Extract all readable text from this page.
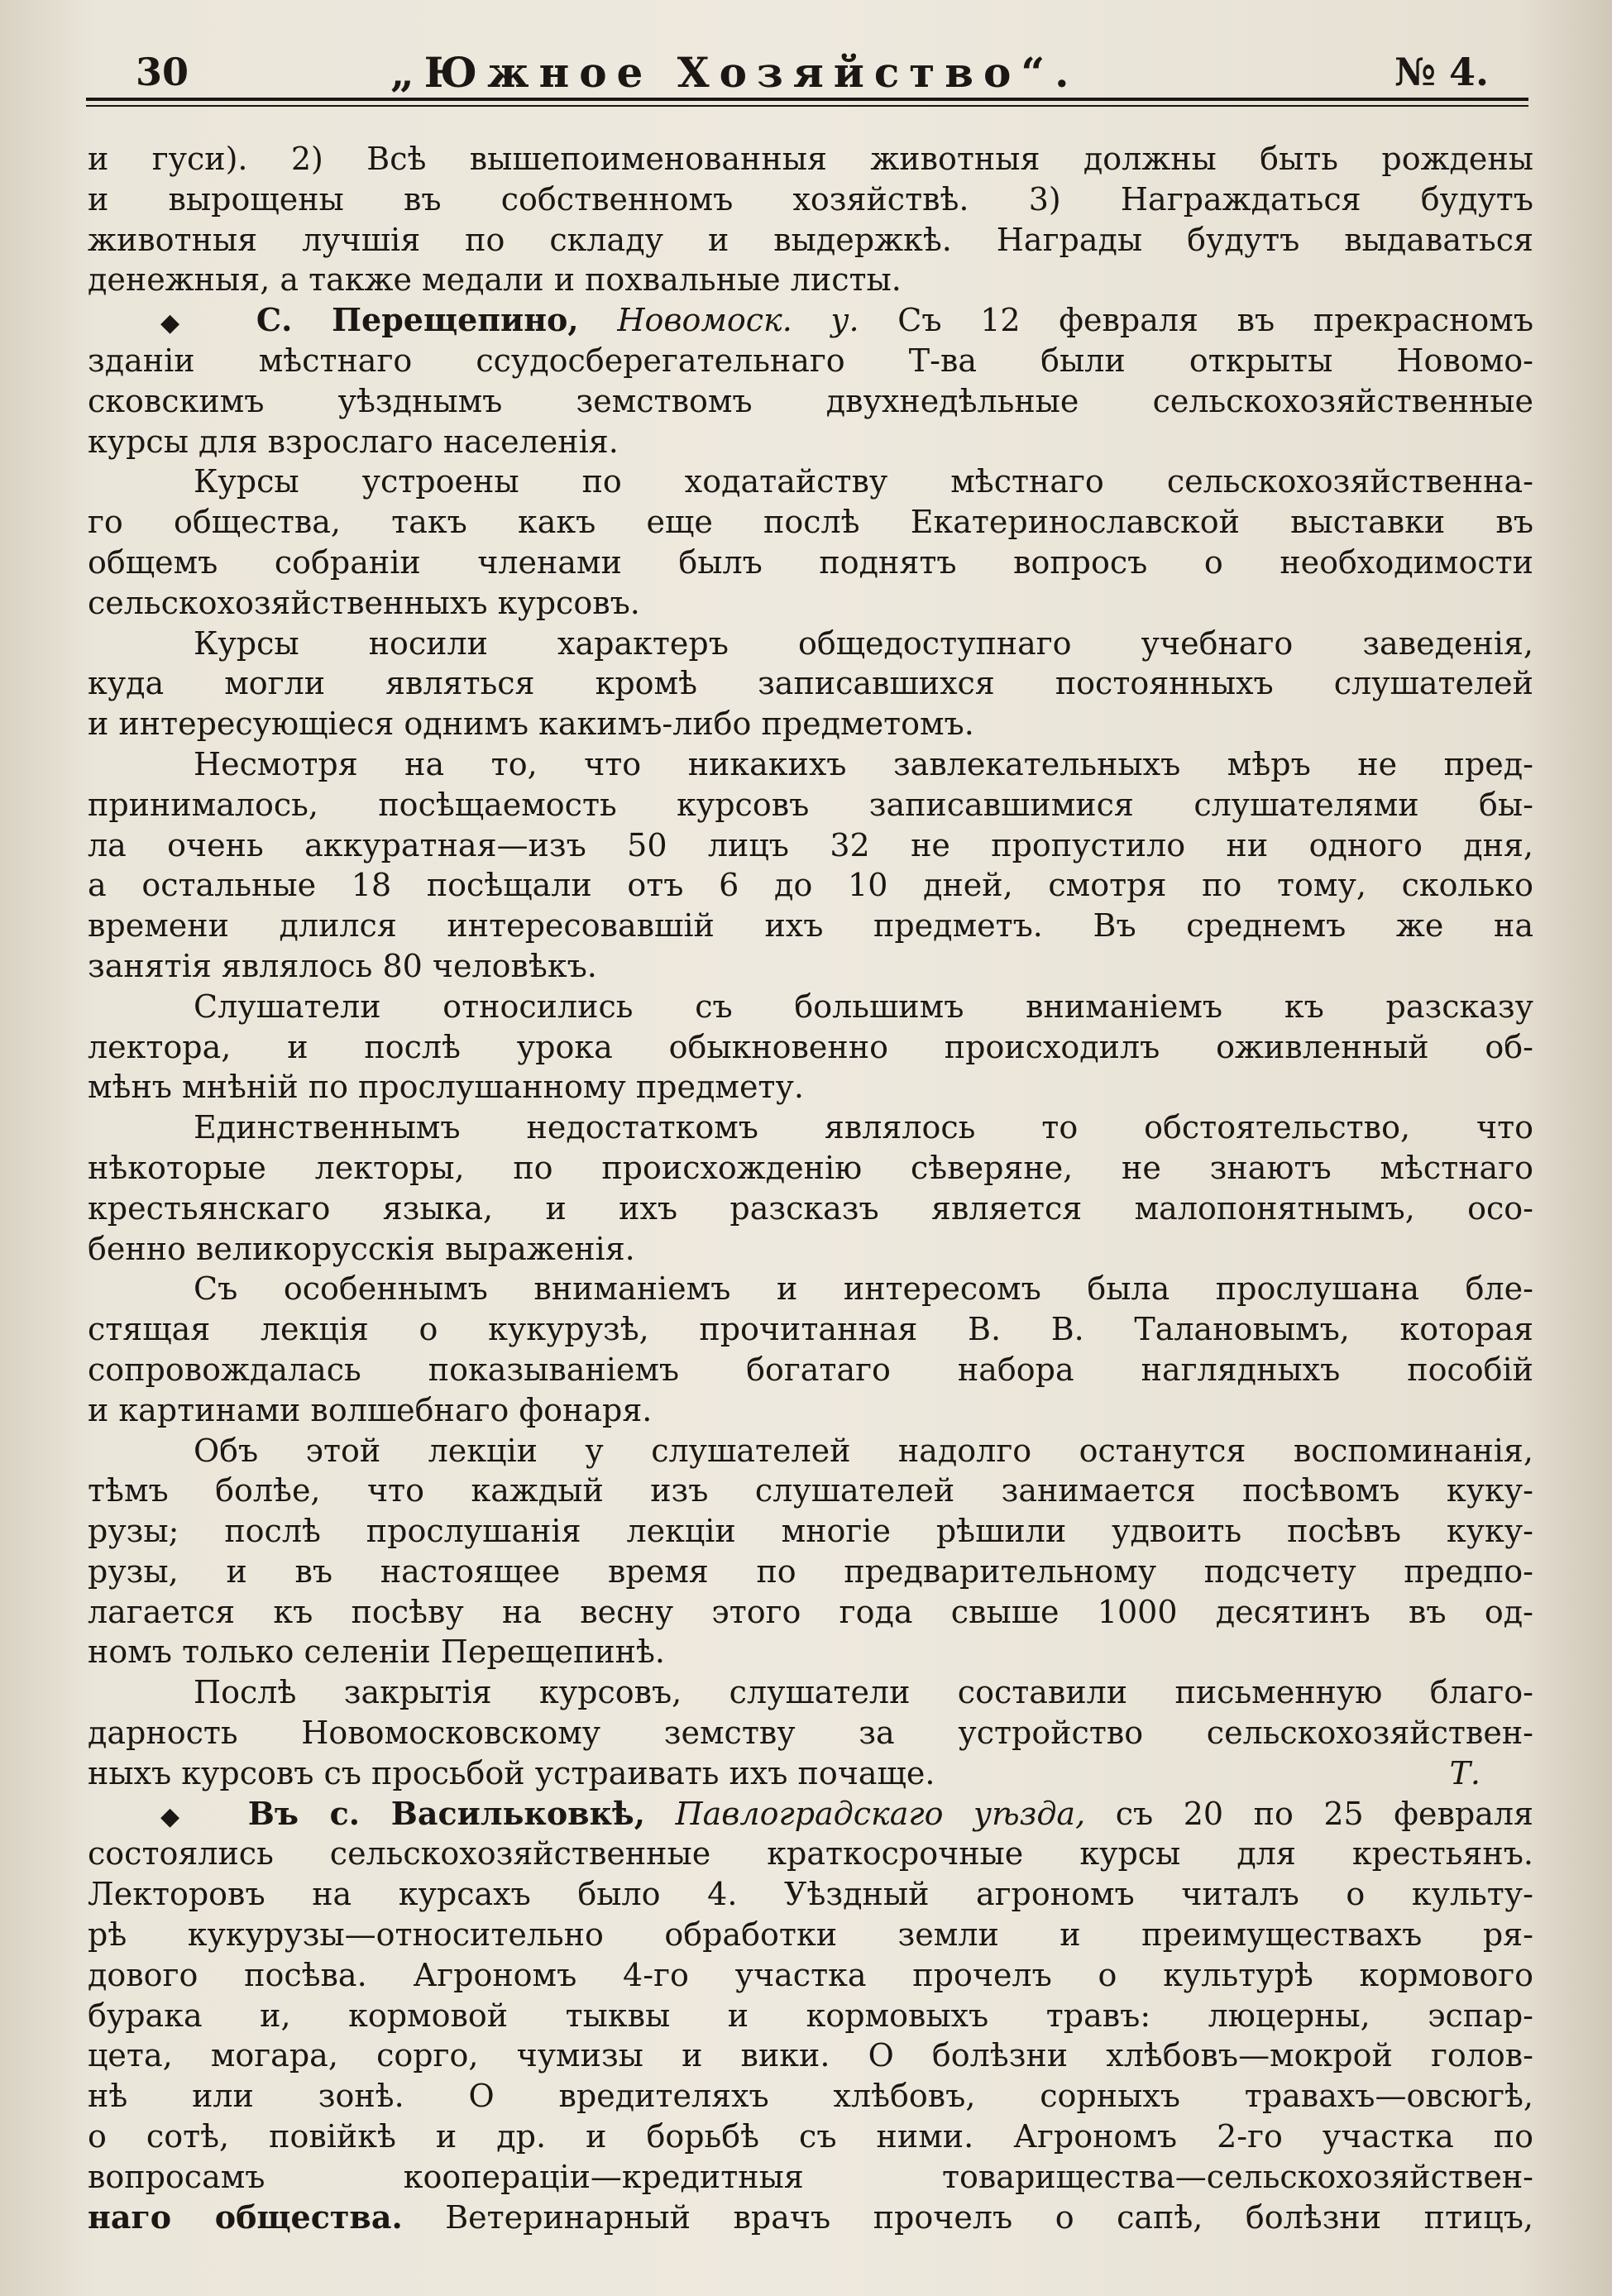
30	„Южное Хозяйство“.	№ 4.
и гуси). 2) Всѣ вышепоименованныя животныя должны быть рождены
и вырощены въ собственномъ хозяйствѣ. 3) Награждаться будутъ
животныя лучшія по складу и выдержкѣ. Награды будутъ выдаваться
денежныя, а также медали и похвальные листы.
◆ С. Перещепино, Новомоск. у. Съ 12 февраля въ прекрасномъ
зданіи мѣстнаго ссудосберегательнаго Т-ва были открыты Новомо-
сковскимъ уѣзднымъ земствомъ двухнедѣльные сельскохозяйственные
курсы для взрослаго населенія.
Курсы устроены по ходатайству мѣстнаго сельскохозяйственна-
го общества, такъ какъ еще послѣ Екатеринославской выставки въ
общемъ собраніи членами былъ поднятъ вопросъ о необходимости
сельскохозяйственныхъ курсовъ.
Курсы носили характеръ общедоступнаго учебнаго заведенія,
куда могли являться кромѣ записавшихся постоянныхъ слушателей
и интересующіеся однимъ какимъ-либо предметомъ.
Несмотря на то, что никакихъ завлекательныхъ мѣръ не пред-
принималось, посѣщаемость курсовъ записавшимися слушателями бы-
ла очень аккуратная—изъ 50 лицъ 32 не пропустило ни одного дня,
а остальные 18 посѣщали отъ 6 до 10 дней, смотря по тому, сколько
времени длился интересовавшій ихъ предметъ. Въ среднемъ же на
занятія являлось 80 человѣкъ.
Слушатели относились съ большимъ вниманіемъ къ разсказу
лектора, и послѣ урока обыкновенно происходилъ оживленный об-
мѣнъ мнѣній по прослушанному предмету.
Единственнымъ недостаткомъ являлось то обстоятельство, что
нѣкоторые лекторы, по происхожденію сѣверяне, не знаютъ мѣстнаго
крестьянскаго языка, и ихъ разсказъ является малопонятнымъ, осо-
бенно великорусскія выраженія.
Съ особеннымъ вниманіемъ и интересомъ была прослушана бле-
стящая лекція о кукурузѣ, прочитанная В. В. Талановымъ, которая
сопровождалась показываніемъ богатаго набора наглядныхъ пособій
и картинами волшебнаго фонаря.
Объ этой лекціи у слушателей надолго останутся воспоминанія,
тѣмъ болѣе, что каждый изъ слушателей занимается посѣвомъ куку-
рузы; послѣ прослушанія лекціи многіе рѣшили удвоить посѣвъ куку-
рузы, и въ настоящее время по предварительному подсчету предпо-
лагается къ посѣву на весну этого года свыше 1000 десятинъ въ од-
номъ только селеніи Перещепинѣ.
Послѣ закрытія курсовъ, слушатели составили письменную благо-
дарность Новомосковскому земству за устройство сельскохозяйствен-
ныхъ курсовъ съ просьбой устраивать ихъ почаще.	Т.
◆ Въ с. Васильковкѣ, Павлоградскаго уѣзда, съ 20 по 25 февраля
состоялись сельскохозяйственные краткосрочные курсы для крестьянъ.
Лекторовъ на курсахъ было 4. Уѣздный агрономъ читалъ о культу-
рѣ кукурузы—относительно обработки земли и преимуществахъ ря-
дового посѣва. Агрономъ 4-го участка прочелъ о культурѣ кормового
бурака и, кормовой тыквы и кормовыхъ травъ: люцерны, эспар-
цета, могара, сорго, чумизы и вики. О болѣзни хлѣбовъ—мокрой голов-
нѣ или зонѣ. О вредителяхъ хлѣбовъ, сорныхъ травахъ—овсюгѣ,
о сотѣ, повійкѣ и др. и борьбѣ съ ними. Агрономъ 2-го участка по
вопросамъ коопераціи—кредитныя товарищества—сельскохозяйствен-
наго общества. Ветеринарный врачъ прочелъ о сапѣ, болѣзни птицъ,
